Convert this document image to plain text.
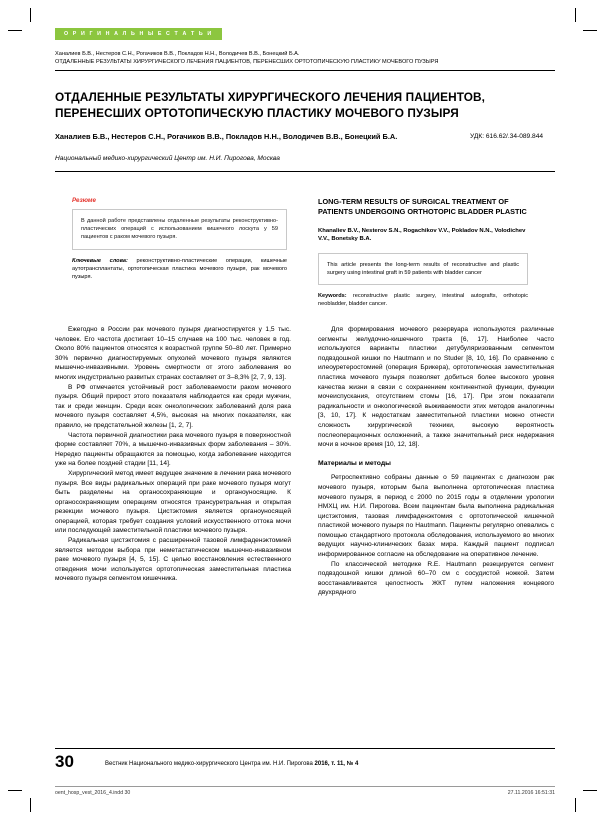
О Р И Г И Н А Л Ь Н Ы Е С Т А Т Ь И
Ханалиев Б.В., Нестеров С.Н., Рогачиков В.В., Покладов Н.Н., Володичев В.В., Бонецкий Б.А.
ОТДАЛЕННЫЕ РЕЗУЛЬТАТЫ ХИРУРГИЧЕСКОГО ЛЕЧЕНИЯ ПАЦИЕНТОВ, ПЕРЕНЕСШИХ ОРТОТОПИЧЕСКУЮ ПЛАСТИКУ МОЧЕВОГО ПУЗЫРЯ
ОТДАЛЕННЫЕ РЕЗУЛЬТАТЫ ХИРУРГИЧЕСКОГО ЛЕЧЕНИЯ ПАЦИЕНТОВ, ПЕРЕНЕСШИХ ОРТОТОПИЧЕСКУЮ ПЛАСТИКУ МОЧЕВОГО ПУЗЫРЯ
Ханалиев Б.В., Нестеров С.Н., Рогачиков В.В., Покладов Н.Н., Володичев В.В., Бонецкий Б.А.	УДК: 616.62/.34-089.844
Национальный медико-хирургический Центр им. Н.И. Пирогова, Москва
Резюме
В данной работе представлены отдаленные результаты реконструктивно-пластических операций с использованием кишечного лоскута у 59 пациентов с раком мочевого пузыря.
Ключевые слова: реконструктивно-пластические операции, кишечные аутотрансплантаты, ортотопическая пластика мочевого пузыря, рак мочевого пузыря.
LONG-TERM RESULTS OF SURGICAL TREATMENT OF PATIENTS UNDERGOING ORTHOTOPIC BLADDER PLASTIC
Khanaliev B.V., Nesterov S.N., Rogachikov V.V., Pokladov N.N., Volodichev V.V., Bonetsky B.A.
This article presents the long-term results of reconstructive and plastic surgery using intestinal graft in 59 patients with bladder cancer
Keywords: reconstructive plastic surgery, intestinal autografts, orthotopic neobladder, bladder cancer.

Ежегодно в России рак мочевого пузыря диагностируется у 1,5 тыс. человек. Его частота достигает 10–15 случаев на 100 тыс. человек в год. Около 80% пациентов относятся к возрастной группе 50–80 лет. Примерно 30% первично диагностируемых опухолей мочевого пузыря являются мышечно-инвазивными. Уровень смертности от этого заболевания во многих индустриально развитых странах составляет от 3–8,3% [2, 7, 9, 13].

В РФ отмечается устойчивый рост заболеваемости раком мочевого пузыря. Общий прирост этого показателя наблюдается как среди мужчин, так и среди женщин. Среди всех онкологических заболеваний доля рака мочевого пузыря составляет 4,5%, высокая на многих показателях, как правило, не предстательной железы [1, 2, 7].

Частота первичной диагностики рака мочевого пузыря в поверхностной форме составляет 70%, а мышечно-инвазивных форм заболевания – 30%. Нередко пациенты обращаются за помощью, когда заболевание находится уже на более поздней стадии [11, 14].

Хирургический метод имеет ведущее значение в лечении рака мочевого пузыря. Все виды радикальных операций при раке мочевого пузыря могут быть разделены на органосохраняющие и органоуносящие. К органосохраняющим операциям относятся трансуретральная и открытая резекции мочевого пузыря. Цистэктомия является органоуносящей операцией, которая требует создания условий искусственного оттока мочи или последующей заместительной пластики мочевого пузыря.

Радикальная цистэктомия с расширенной тазовой лимфаденэктомией является методом выбора при неметастатическом мышечно-инвазивном раке мочевого пузыря [4, 5, 15]. С целью восстановления естественного отведения мочи используется ортотопическая заместительная пластика мочевого пузыря сегментом кишечника.

Для формирования мочевого резервуара используются различные сегменты желудочно-кишечного тракта [6, 17]. Наиболее часто используются варианты пластики детубуляризованным сегментом подвздошной кишки по Hautmann и по Studer [8, 10, 16]. По сравнению с илеоуретеростомией (операция Брикера), ортотопическая заместительная пластика мочевого пузыря позволяет добиться более высокого уровня качества жизни в связи с сохранением континентной функции, функции мочеиспускания, отсутствием стомы [16, 17]. При этом показатели радикальности и онкологической выживаемости этих методов аналогичны [3, 10, 17]. К недостаткам заместительной пластики можно отнести сложность хирургической техники, высокую вероятность послеоперационных осложнений, а также значительный риск недержания мочи в ночное время [10, 12, 18].

Материалы и методы

Ретроспективно собраны данные о 59 пациентах с диагнозом рак мочевого пузыря, которым была выполнена ортотопическая пластика мочевого пузыря, в период с 2000 по 2015 годы в отделении урологии НМХЦ им. Н.И. Пирогова. Всем пациентам была выполнена радикальная цистэктомия, тазовая лимфаденэктомия с ортотопической кишечной пластикой мочевого пузыря по Hautmann. Пациенты регулярно опевались с помощью стандартного протокола обследования, используемого во многих ведущих научно-клинических базах мира. Каждый пациент подписал информированное согласие на обследование на оперативное лечение.

По классической методике R.E. Hautmann резецируется сегмент подвздошной кишки длиной 60–70 см с сосудистой ножкой. Затем восстанавливается целостность ЖКТ путем наложения концевого двухрядного

30	Вестник Национального медико-хирургического Центра им. Н.И. Пирогова 2016, т. 11, № 4
oent_hosp_vest_2016_4.indd 30	27.11.2016 16:51:31
